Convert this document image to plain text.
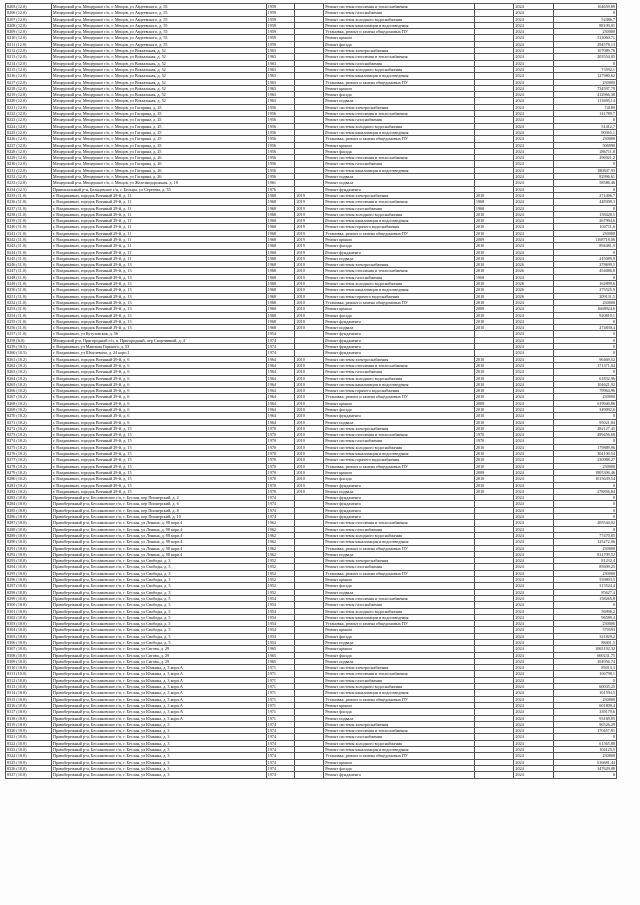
8205 (12.0)	Мещерский р-н, Мещерское г/п, г. Мещов, ул Авдеевского, д. 55	1959		Ремонт системы отопления и теплоснабжения		2024	104659,89
8206 (12.0)	Мещерский р-н, Мещерское г/п, г. Мещов, ул Авдеевского, д. 55	1959		Ремонт системы газоснабжения		2024	0
8207 (12.0)	Мещерский р-н, Мещерское г/п, г. Мещов, ул Авдеевского, д. 55	1959		Ремонт системы холодного водоснабжения		2024	52486,7
8208 (12.0)	Мещерский р-н, Мещерское г/п, г. Мещов, ул Авдеевского, д. 55	1959		Ремонт системы канализации и водоотведения		2024	88109,01
8209 (12.0)	Мещерский р-н, Мещерское г/п, г. Мещов, ул Авдеевского, д. 55	1959		Установка, ремонт и замена общедомовых ПУ		2024	230000
8210 (12.0)	Мещерский р-н, Мещерское г/п, г. Мещов, ул Авдеевского, д. 55	1959		Ремонт крыши		2024	513060,71
8211 (12.0)	Мещерский р-н, Мещерское г/п, г. Мещов, ул Авдеевского, д. 55	1959		Ремонт фасада		2024	294578,13
8212 (12.0)	Мещерский р-н, Мещерское г/п, г. Мещов, ул Вокзальная, д. 52	1963		Ремонт системы электроснабжения		2024	107089,76
8213 (12.0)	Мещерский р-н, Мещерское г/п, г. Мещов, ул Вокзальная, д. 52	1963		Ремонт системы отопления и теплоснабжения		2024	203554,05
8214 (12.0)	Мещерский р-н, Мещерское г/п, г. Мещов, ул Вокзальная, д. 52	1963		Ремонт системы газоснабжения		2024	0
8215 (12.0)	Мещерский р-н, Мещерское г/п, г. Мещов, ул Вокзальная, д. 52	1963		Ремонт системы холодного водоснабжения		2024	73592,1
8216 (12.0)	Мещерский р-н, Мещерское г/п, г. Мещов, ул Вокзальная, д. 52	1963		Ремонт системы канализации и водоотведения		2024	127980,62
8217 (12.0)	Мещерский р-н, Мещерское г/п, г. Мещов, ул Вокзальная, д. 52	1963		Установка, ремонт и замена общедомовых ПУ		2024	230000
8218 (12.0)	Мещерский р-н, Мещерское г/п, г. Мещов, ул Вокзальная, д. 52	1963		Ремонт крыши		2024	734597,79
8219 (12.0)	Мещерский р-н, Мещерское г/п, г. Мещов, ул Вокзальная, д. 52	1963		Ремонт фасада		2024	412966,38
8220 (12.0)	Мещерский р-н, Мещерское г/п, г. Мещов, ул Вокзальная, д. 52	1963		Ремонт подвала		2024	113695,14
8221 (12.0)	Мещерский р-н, Мещерское г/п, г. Мещов, ул Гагарина, д. 25	1956		Ремонт системы электроснабжения		2024	74180
8222 (12.0)	Мещерский р-н, Мещерское г/п, г. Мещов, ул Гагарина, д. 25	1956		Ремонт системы отопления и теплоснабжения		2024	141789,7
8223 (12.0)	Мещерский р-н, Мещерское г/п, г. Мещов, ул Гагарина, д. 25	1956		Ремонт системы газоснабжения		2024	0
8224 (12.0)	Мещерский р-н, Мещерское г/п, г. Мещов, ул Гагарина, д. 25	1956		Ремонт системы холодного водоснабжения		2024	51412,7
8225 (12.0)	Мещерский р-н, Мещерское г/п, г. Мещов, ул Гагарина, д. 25	1956		Ремонт системы канализации и водоотведения		2024	90365,1
8226 (12.0)	Мещерский р-н, Мещерское г/п, г. Мещов, ул Гагарина, д. 25	1956		Установка, ремонт и замена общедомовых ПУ		2024	230000
8227 (12.0)	Мещерский р-н, Мещерское г/п, г. Мещов, ул Гагарина, д. 25	1956		Ремонт крыши		2024	506990
8228 (12.0)	Мещерский р-н, Мещерское г/п, г. Мещов, ул Гагарина, д. 25	1956		Ремонт фасада		2024	286711,8
8229 (12.0)	Мещерский р-н, Мещерское г/п, г. Мещов, ул Гагарина, д. 26	1956		Ремонт системы отопления и теплоснабжения		2024	296921,2
8230 (12.0)	Мещерский р-н, Мещерское г/п, г. Мещов, ул Гагарина, д. 26	1956		Ремонт системы газоснабжения		2024	0
8231 (12.0)	Мещерский р-н, Мещерское г/п, г. Мещов, ул Гагарина, д. 26	1956		Ремонт системы канализации и водоотведения		2024	180847,93
8232 (12.0)	Мещерский р-н, Мещерское г/п, г. Мещов, ул Гагарина, д. 26	1956		Ремонт подвала		2024	82996,61
8233 (12.0)	Мещерский р-н, Мещерское г/п, г. Мещов, ул Железнодорожная, д. 18	1961		Ремонт подвала		2024	58586,46
8234 (12.5)	Привокзальный р-н, Бельцевское г/п, г. Бельцы, ул Сергеева, д. 35	1976		Ремонт фундамента		2024	0
8235 (11.0)	г. Владикавказ, городок Военный 29-й, д. 11	1968	2019	Ремонт системы электроснабжения	2010	2024	271496,7
8236 (11.0)	г. Владикавказ, городок Военный 29-й, д. 11	1968	2019	Ремонт системы отопления и теплоснабжения	1968	2024	448309,3
8237 (11.0)	г. Владикавказ, городок Военный 29-й, д. 11	1968	2019	Ремонт системы газоснабжения	1968	2024	0
8238 (11.0)	г. Владикавказ, городок Военный 29-й, д. 11	1968	2019	Ремонт системы холодного водоснабжения	2010	2024	158428,5
8239 (11.0)	г. Владикавказ, городок Военный 29-й, д. 11	1968	2019	Ремонт системы канализации и водоотведения	2010	2024	267994,6
8240 (11.0)	г. Владикавказ, городок Военный 29-й, д. 11	1968	2019	Ремонт системы горячего водоснабжения	2010	2024	104711,6
8241 (11.0)	г. Владикавказ, городок Военный 29-й, д. 11	1968	2019	Установка, ремонт и замена общедомовых ПУ	2010	2024	230000
8242 (11.0)	г. Владикавказ, городок Военный 29-й, д. 11	1968	2019	Ремонт крыши	2009	2024	1168718,06
8243 (11.0)	г. Владикавказ, городок Военный 29-й, д. 11	1968	2019	Ремонт фасада	2010	2024	894481,9
8244 (11.0)	г. Владикавказ, городок Военный 29-й, д. 11	1968	2019	Ремонт фундамента	2010	2024	0
8245 (11.0)	г. Владикавказ, городок Военный 29-й, д. 11	1968	2019	Ремонт подвала	2010	2024	245089,9
8246 (11.0)	г. Владикавказ, городок Военный 29-й, д. 13	1968	2010	Ремонт системы электроснабжения	2010	2026	278699,5
8247 (11.0)	г. Владикавказ, городок Военный 29-й, д. 13	1968	2010	Ремонт системы отопления и теплоснабжения	2010	2026	454086,8
8248 (11.0)	г. Владикавказ, городок Военный 29-й, д. 13	1968	2010	Ремонт системы газоснабжения	1968	2024	0
8249 (11.0)	г. Владикавказ, городок Военный 29-й, д. 13	1968	2010	Ремонт системы холодного водоснабжения	2010	2026	162899,6
8250 (11.0)	г. Владикавказ, городок Военный 29-й, д. 13	1968	2010	Ремонт системы канализации и водоотведения	2010	2026	275525,9
8251 (11.0)	г. Владикавказ, городок Военный 29-й, д. 13	1968	2010	Ремонт системы горячего водоснабжения	2010	2026	209131,5
8252 (11.0)	г. Владикавказ, городок Военный 29-й, д. 13	1968	2010	Установка, ремонт и замена общедомовых ПУ	2010	2024	230000
8253 (11.0)	г. Владикавказ, городок Военный 29-й, д. 13	1968	2010	Ремонт крыши	2009	2024	1668924,6
8254 (11.0)	г. Владикавказ, городок Военный 29-й, д. 13	1968	2010	Ремонт фасада	2010	2024	920810,1
8255 (11.0)	г. Владикавказ, городок Военный 29-й, д. 13	1968	2010	Ремонт фундамента	2010	2024	0
8256 (11.0)	г. Владикавказ, городок Военный 29-й, д. 13	1968	2010	Ремонт подвала	2010	2024	274830,4
8257 (11.0)	г. Владикавказ, ул Кутузовская, д. 56	1954		Ремонт фундамента		2024	0
8258 (6.0)	Мещерский р-н, Пригородный г/п, п. Пригородный, пер Спортивный, д. 4	1974		Ремонт фундамента		2024	0
8259 (10.5)	г. Владикавказ, ул Максима Горького, д. 53	1974		Ремонт фундамента		2024	0
8260 (10.5)	г. Владикавказ, ул Шмулевича, д. 24 корп.1	1974		Ремонт фундамента		2024	0
8261 (10.2)	г. Владикавказ, городок Военный 29-й, д. 6	1964	2010	Ремонт системы электроснабжения	2010	2024	96469,52
8262 (10.2)	г. Владикавказ, городок Военный 29-й, д. 6	1964	2010	Ремонт системы отопления и теплоснабжения	2010	2024	171371,04
8263 (10.2)	г. Владикавказ, городок Военный 29-й, д. 6	1964	2010	Ремонт системы газоснабжения	2010	2024	0
8264 (10.2)	г. Владикавказ, городок Военный 29-й, д. 6	1964	2010	Ремонт системы холодного водоснабжения	2010	2024	61832,96
8265 (10.2)	г. Владикавказ, городок Военный 29-й, д. 6	1964	2010	Ремонт системы канализации и водоотведения	2010	2024	104621,92
8266 (10.2)	г. Владикавказ, городок Военный 29-й, д. 6	1964	2010	Ремонт системы горячего водоснабжения	2010	2024	79964,96
8267 (10.2)	г. Владикавказ, городок Военный 29-й, д. 6	1964	2010	Установка, ремонт и замена общедомовых ПУ	2010	2024	230000
8268 (10.2)	г. Владикавказ, городок Военный 29-й, д. 6	1964	2010	Ремонт крыши	2009	2024	619940,86
8269 (10.2)	г. Владикавказ, городок Военный 29-й, д. 6	1964	2010	Ремонт фасада	2010	2024	349092,6
8270 (10.2)	г. Владикавказ, городок Военный 29-й, д. 6	1964	2010	Ремонт фундамента	2010	2024	0
8271 (10.2)	г. Владикавказ, городок Военный 29-й, д. 6	1964	2010	Ремонт подвала	2010	2024	95021,84
8272 (10.2)	г. Владикавказ, городок Военный 29-й, д. 15	1970	2010	Ремонт системы электроснабжения	2010	2024	282127,45
8273 (10.2)	г. Владикавказ, городок Военный 29-й, д. 15	1970	2010	Ремонт системы отопления и теплоснабжения	1970	2024	499456,68
8274 (10.2)	г. Владикавказ, городок Военный 29-й, д. 15	1970	2010	Ремонт системы газоснабжения	1970	2024	0
8275 (10.2)	г. Владикавказ, городок Военный 29-й, д. 15	1970	2010	Ремонт системы холодного водоснабжения	2010	2024	179889,96
8276 (10.2)	г. Владикавказ, городок Военный 29-й, д. 15	1970	2010	Ремонт системы канализации и водоотведения	2010	2024	304100,54
8277 (10.2)	г. Владикавказ, городок Военный 29-й, д. 15	1970	2010	Ремонт системы горячего водоснабжения	2010	2024	230988,27
8278 (10.2)	г. Владикавказ, городок Военный 29-й, д. 15	1970	2010	Установка, ремонт и замена общедомовых ПУ	2010	2024	230000
8279 (10.2)	г. Владикавказ, городок Военный 29-й, д. 15	1970	2010	Ремонт крыши	2009	2024	1805306,46
8280 (10.2)	г. Владикавказ, городок Военный 29-й, д. 15	1970	2010	Ремонт фасада	2010	2024	1015639,54
8281 (10.2)	г. Владикавказ, городок Военный 29-й, д. 15	1970	2010	Ремонт фундамента	2010	2024	0
8282 (10.2)	г. Владикавказ, городок Военный 29-й, д. 15	1970	2010	Ремонт подвала	2010	2024	278856,84
8283 (10.0)	Правобережный р-н, Беслановское г/п, г. Беслан, пер Пионерский, д. 2	1974		Ремонт фундамента		2024	0
8284 (10.0)	Правобережный р-н, Беслановское г/п, г. Беслан, пер Пионерский, д. 6	1974		Ремонт фундамента		2024	0
8285 (10.0)	Правобережный р-н, Беслановское г/п, г. Беслан, пер Пионерский, д. 8	1974		Ремонт фундамента		2024	0
8286 (10.0)	Правобережный р-н, Беслановское г/п, г. Беслан, пер Пионерский, д. 10	1974		Ремонт фундамента		2024	0
8287 (10.0)	Правобережный р-н, Беслановское г/п, г. Беслан, ул Ленина, д. 98 корп.4	1962		Ремонт системы отопления и теплоснабжения		2024	205544,02
8288 (10.0)	Правобережный р-н, Беслановское г/п, г. Беслан, ул Ленина, д. 98 корп.4	1962		Ремонт системы газоснабжения		2024	0
8289 (10.0)	Правобережный р-н, Беслановское г/п, г. Беслан, ул Ленина, д. 98 корп.4	1962		Ремонт системы холодного водоснабжения		2024	77470,85
8290 (10.0)	Правобережный р-н, Беслановское г/п, г. Беслан, ул Ленина, д. 98 корп.4	1962		Ремонт системы канализации и водоотведения		2024	125272,06
8291 (10.0)	Правобережный р-н, Беслановское г/п, г. Беслан, ул Ленина, д. 98 корп.4	1962		Установка, ремонт и замена общедомовых ПУ		2024	230000
8292 (10.0)	Правобережный р-н, Беслановское г/п, г. Беслан, ул Ленина, д. 98 корп.4	1962		Ремонт подвала		2024	814709,52
8293 (10.0)	Правобережный р-н, Беслановское г/п, г. Беслан, ул Свободы, д. 3	1952		Ремонт системы электроснабжения		2024	81232,4
8294 (10.0)	Правобережный р-н, Беслановское г/п, г. Беслан, ул Свободы, д. 3	1952		Ремонт системы газоснабжения		2024	85699,25
8295 (10.0)	Правобережный р-н, Беслановское г/п, г. Беслан, ул Свободы, д. 3	1952		Установка, ремонт и замена общедомовых ПУ		2024	230000
8296 (10.0)	Правобережный р-н, Беслановское г/п, г. Беслан, ул Свободы, д. 3	1952		Ремонт крыши		2024	559803,5
8297 (10.0)	Правобережный р-н, Беслановское г/п, г. Беслан, ул Свободы, д. 3	1952		Ремонт фасада		2024	313524,4
8298 (10.0)	Правобережный р-н, Беслановское г/п, г. Беслан, ул Свободы, д. 3	1952		Ремонт подвала		2024	85627,4
8299 (10.0)	Правобережный р-н, Беслановское г/п, г. Беслан, ул Свободы, д. 5	1954		Ремонт системы отопления и теплоснабжения		2024	158265,8
8300 (10.0)	Правобережный р-н, Беслановское г/п, г. Беслан, ул Свободы, д. 5	1954		Ремонт системы газоснабжения		2024	0
8301 (10.0)	Правобережный р-н, Беслановское г/п, г. Беслан, ул Свободы, д. 5	1954		Ремонт системы холодного водоснабжения		2024	56996,2
8302 (10.0)	Правобережный р-н, Беслановское г/п, г. Беслан, ул Свободы, д. 5	1954		Ремонт системы канализации и водоотведения		2024	96589,4
8303 (10.0)	Правобережный р-н, Беслановское г/п, г. Беслан, ул Свободы, д. 5	1954		Установка, ремонт и замена общедомовых ПУ		2024	230000
8304 (10.0)	Правобережный р-н, Беслановское г/п, г. Беслан, ул Свободы, д. 5	1954		Ремонт крыши		2024	570593
8305 (10.0)	Правобережный р-н, Беслановское г/п, г. Беслан, ул Свободы, д. 5	1954		Ремонт фасада		2024	321829,2
8306 (10.0)	Правобережный р-н, Беслановское г/п, г. Беслан, ул Свободы, д. 5	1954		Ремонт подвала		2024	88401,5
8307 (10.0)	Правобережный р-н, Беслановское г/п, г. Беслан, ул Сигова, д. 29	1965		Ремонт крыши		2024	1065192,32
8308 (10.0)	Правобережный р-н, Беслановское г/п, г. Беслан, ул Сигова, д. 29	1965		Ремонт фасада		2024	600231,75
8309 (10.0)	Правобережный р-н, Беслановское г/п, г. Беслан, ул Сигова, д. 29	1965		Ремонт подвала		2024	164956,74
8310 (10.0)	Правобережный р-н, Беслановское г/п, г. Беслан, ул Юнкина, д. 3 корп.А	1971		Ремонт системы электроснабжения		2024	85013,3
8311 (10.0)	Правобережный р-н, Беслановское г/п, г. Беслан, ул Юнкина, д. 3 корп.А	1971		Ремонт системы отопления и теплоснабжения		2024	166798,1
8312 (10.0)	Правобережный р-н, Беслановское г/п, г. Беслан, ул Юнкина, д. 3 корп.А	1971		Ремонт системы газоснабжения		2024	0
8313 (10.0)	Правобережный р-н, Беслановское г/п, г. Беслан, ул Юнкина, д. 3 корп.А	1971		Ремонт системы холодного водоснабжения		2024	60035,25
8314 (10.0)	Правобережный р-н, Беслановское г/п, г. Беслан, ул Юнкина, д. 3 корп.А	1971		Ремонт системы канализации и водоотведения		2024	101594,5
8315 (10.0)	Правобережный р-н, Беслановское г/п, г. Беслан, ул Юнкина, д. 3 корп.А	1971		Установка, ремонт и замена общедомовых ПУ		2024	230000
8316 (10.0)	Правобережный р-н, Беслановское г/п, г. Беслан, ул Юнкина, д. 3 корп.А	1971		Ремонт крыши		2024	601809,4
8317 (10.0)	Правобережный р-н, Беслановское г/п, г. Беслан, ул Юнкина, д. 3 корп.А	1971		Ремонт фасада		2024	339179,6
8318 (10.0)	Правобережный р-н, Беслановское г/п, г. Беслан, ул Юнкина, д. 3 корп.А	1971		Ремонт подвала		2024	93169,05
8319 (10.0)	Правобережный р-н, Беслановское г/п, г. Беслан, ул Юнкина, д. 3	1974		Ремонт системы электроснабжения		2024	96526,29
8320 (10.0)	Правобережный р-н, Беслановское г/п, г. Беслан, ул Юнкина, д. 3	1974		Ремонт системы отопления и теплоснабжения		2024	170457,81
8321 (10.0)	Правобережный р-н, Беслановское г/п, г. Беслан, ул Юнкина, д. 3	1974		Ремонт системы газоснабжения		2024	0
8322 (10.0)	Правобережный р-н, Беслановское г/п, г. Беслан, ул Юнкина, д. 3	1974		Ремонт системы холодного водоснабжения		2024	61565,88
8323 (10.0)	Правобережный р-н, Беслановское г/п, г. Беслан, ул Юнкина, д. 3	1974		Ремонт системы канализации и водоотведения		2024	104125,5
8324 (10.0)	Правобережный р-н, Беслановское г/п, г. Беслан, ул Юнкина, д. 3	1974		Установка, ремонт и замена общедомовых ПУ		2024	230000
8325 (10.0)	Правобережный р-н, Беслановское г/п, г. Беслан, ул Юнкина, д. 3	1974		Ремонт крыши		2024	616681,44
8326 (10.0)	Правобережный р-н, Беслановское г/п, г. Беслан, ул Юнкина, д. 3	1974		Ремонт фасада		2024	347629,88
8327 (10.0)	Правобережный р-н, Беслановское г/п, г. Беслан, ул Юнкина, д. 3	1974		Ремонт фундамента		2024	0
